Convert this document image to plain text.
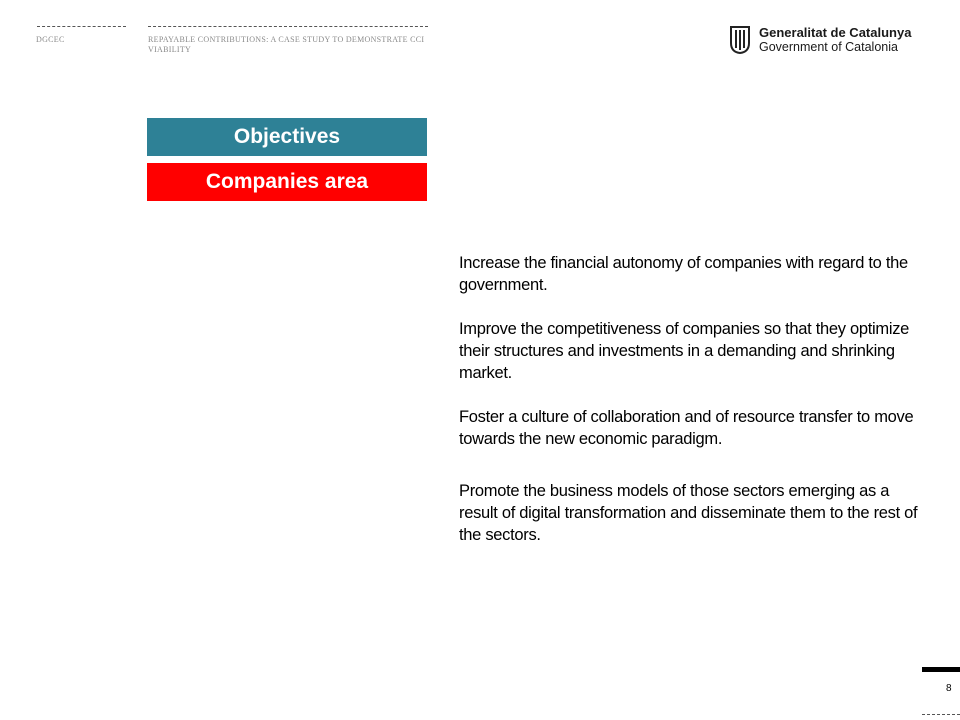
DGCEC	REPAYABLE CONTRIBUTIONS: A CASE STUDY TO DEMONSTRATE CCI
VIABILITY
Generalitat de Catalunya
Government of Catalonia
Objectives
Companies area

Increase the financial autonomy of companies with regard to the government.

Improve the competitiveness of companies so that they optimize their structures and investments in a demanding and shrinking market.

Foster a culture of collaboration and of resource transfer to move towards the new economic paradigm.

Promote the business models of those sectors emerging as a result of digital transformation and disseminate them to the rest of the sectors.

8
